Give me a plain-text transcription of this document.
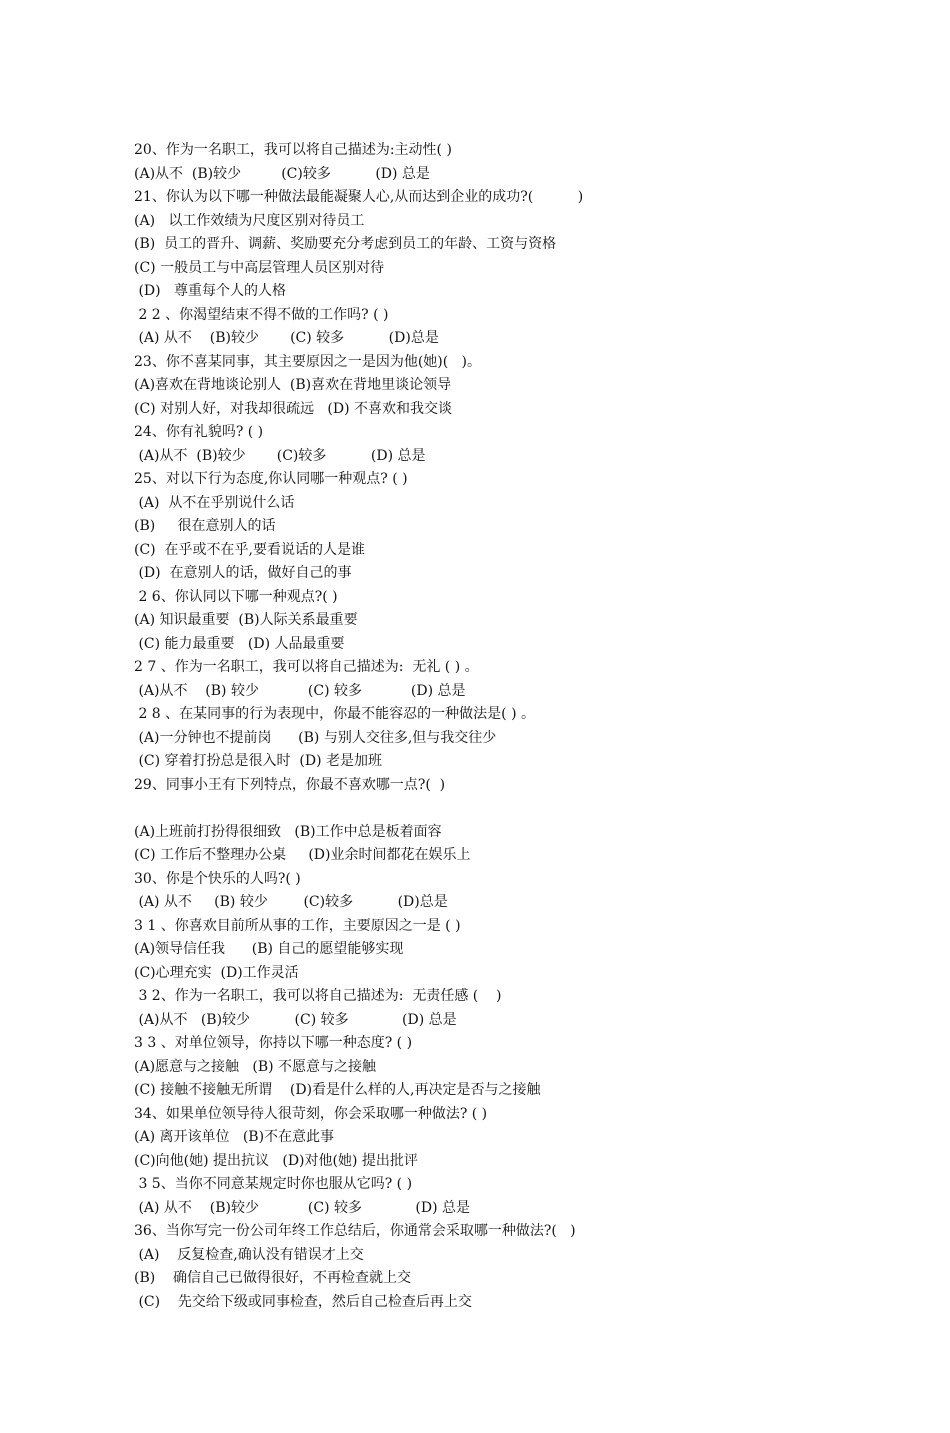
20、作为一名职工，我可以将自己描述为:主动性( )
(A)从不  (B)较少         (C)较多          (D) 总是
21、你认为以下哪一种做法最能凝聚人心,从而达到企业的成功?(          )
(A)   以工作效绩为尺度区别对待员工
(B)  员工的晋升、调薪、奖励要充分考虑到员工的年龄、工资与资格
(C) 一般员工与中高层管理人员区别对待
(D)   尊重每个人的人格
2 2 、你渴望结束不得不做的工作吗? ( )
(A) 从不    (B)较少       (C) 较多          (D)总是
23、你不喜某同事，其主要原因之一是因为他(她)(   )。
(A)喜欢在背地谈论别人  (B)喜欢在背地里谈论领导
(C) 对别人好，对我却很疏远   (D) 不喜欢和我交谈
24、你有礼貌吗? ( )
(A)从不  (B)较少       (C)较多          (D) 总是
25、对以下行为态度,你认同哪一种观点? ( )
(A)  从不在乎别说什么话
(B)     很在意别人的话
(C)  在乎或不在乎,要看说话的人是谁
(D)  在意别人的话，做好自己的事
2 6、你认同以下哪一种观点?( )
(A) 知识最重要  (B)人际关系最重要
(C) 能力最重要   (D) 人品最重要
2 7 、作为一名职工，我可以将自己描述为:  无礼 ( ) 。
(A)从不    (B) 较少           (C) 较多           (D) 总是
2 8 、在某同事的行为表现中，你最不能容忍的一种做法是( ) 。
(A)一分钟也不提前岗      (B) 与别人交往多,但与我交往少
(C) 穿着打扮总是很入时  (D) 老是加班
29、同事小王有下列特点，你最不喜欢哪一点?(  )
(A)上班前打扮得很细致   (B)工作中总是板着面容
(C) 工作后不整理办公桌     (D)业余时间都花在娱乐上
30、你是个快乐的人吗?( )
(A) 从不     (B) 较少        (C)较多          (D)总是
3 1 、你喜欢目前所从事的工作，主要原因之一是 ( )
(A)领导信任我      (B) 自己的愿望能够实现
(C)心理充实  (D)工作灵活
3 2、作为一名职工，我可以将自己描述为:  无责任感 (    )
(A)从不   (B)较少          (C) 较多            (D) 总是
3 3 、对单位领导，你持以下哪一种态度? ( )
(A)愿意与之接触   (B) 不愿意与之接触
(C) 接触不接触无所谓    (D)看是什么样的人,再决定是否与之接触
34、如果单位领导待人很苛刻，你会采取哪一种做法? ( )
(A) 离开该单位   (B)不在意此事
(C)向他(她) 提出抗议   (D)对他(她) 提出批评
3 5、当你不同意某规定时你也服从它吗? ( )
(A) 从不    (B)较少           (C) 较多            (D) 总是
36、当你写完一份公司年终工作总结后，你通常会采取哪一种做法?(   )
(A)    反复检查,确认没有错误才上交
(B)    确信自己已做得很好，不再检查就上交
(C)    先交给下级或同事检查，然后自己检查后再上交
